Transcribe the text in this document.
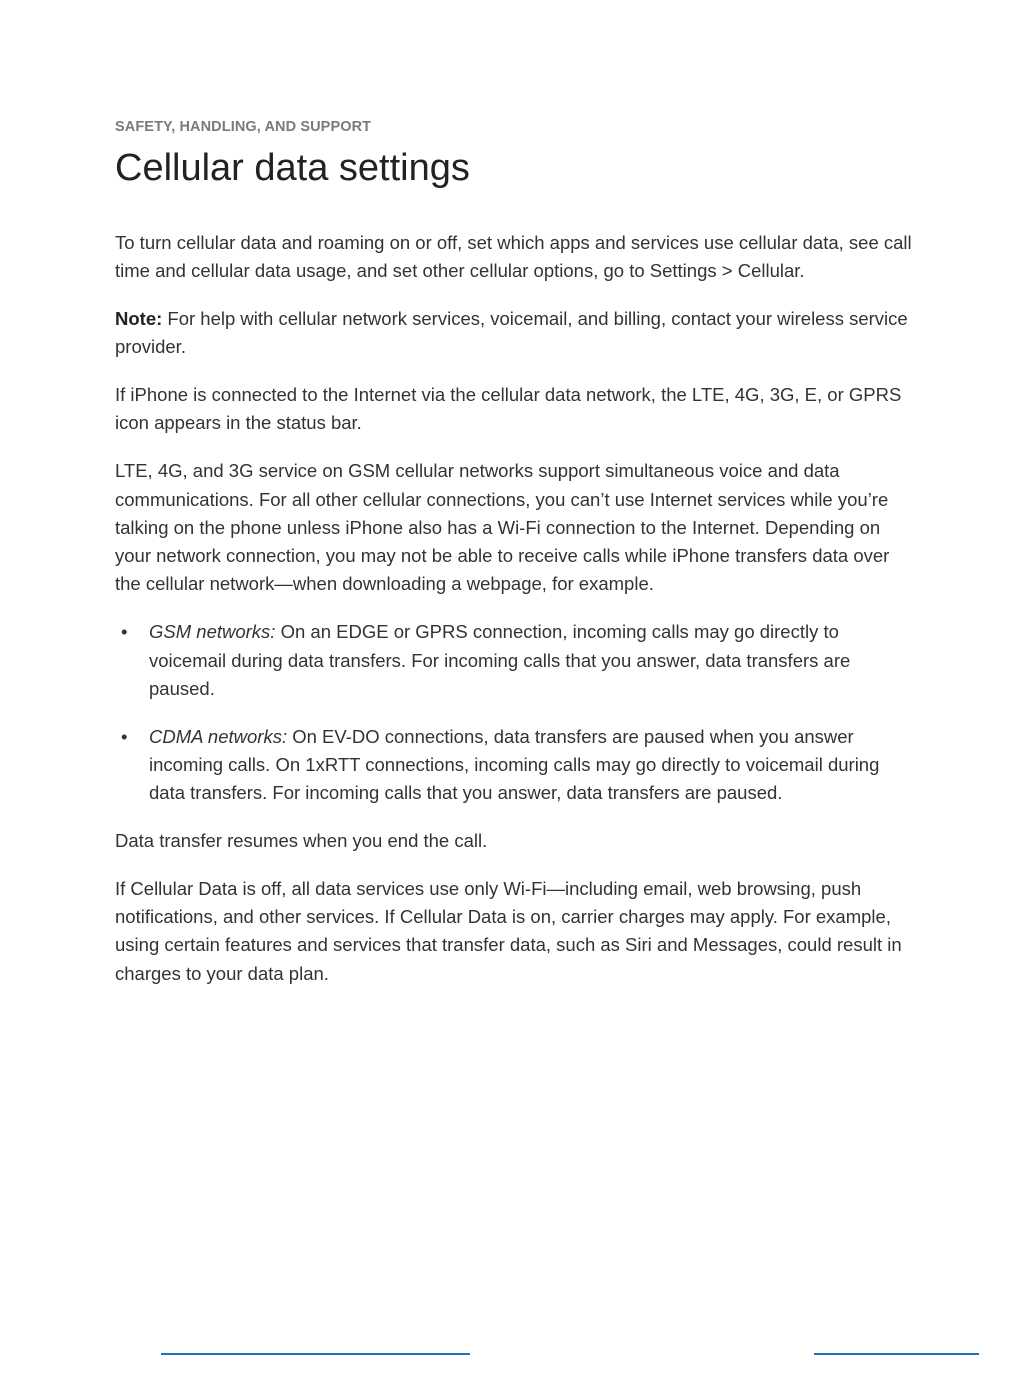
SAFETY, HANDLING, AND SUPPORT

Cellular data settings

To turn cellular data and roaming on or off, set which apps and services use cellular data, see call time and cellular data usage, and set other cellular options, go to Settings > Cellular.

Note: For help with cellular network services, voicemail, and billing, contact your wireless service provider.

If iPhone is connected to the Internet via the cellular data network, the LTE, 4G, 3G, E, or GPRS icon appears in the status bar.

LTE, 4G, and 3G service on GSM cellular networks support simultaneous voice and data communications. For all other cellular connections, you can’t use Internet services while you’re talking on the phone unless iPhone also has a Wi-Fi connection to the Internet. Depending on your network connection, you may not be able to receive calls while iPhone transfers data over the cellular network—when downloading a webpage, for example.

• GSM networks: On an EDGE or GPRS connection, incoming calls may go directly to voicemail during data transfers. For incoming calls that you answer, data transfers are paused.
• CDMA networks: On EV-DO connections, data transfers are paused when you answer incoming calls. On 1xRTT connections, incoming calls may go directly to voicemail during data transfers. For incoming calls that you answer, data transfers are paused.

Data transfer resumes when you end the call.

If Cellular Data is off, all data services use only Wi-Fi—including email, web browsing, push notifications, and other services. If Cellular Data is on, carrier charges may apply. For example, using certain features and services that transfer data, such as Siri and Messages, could result in charges to your data plan.
